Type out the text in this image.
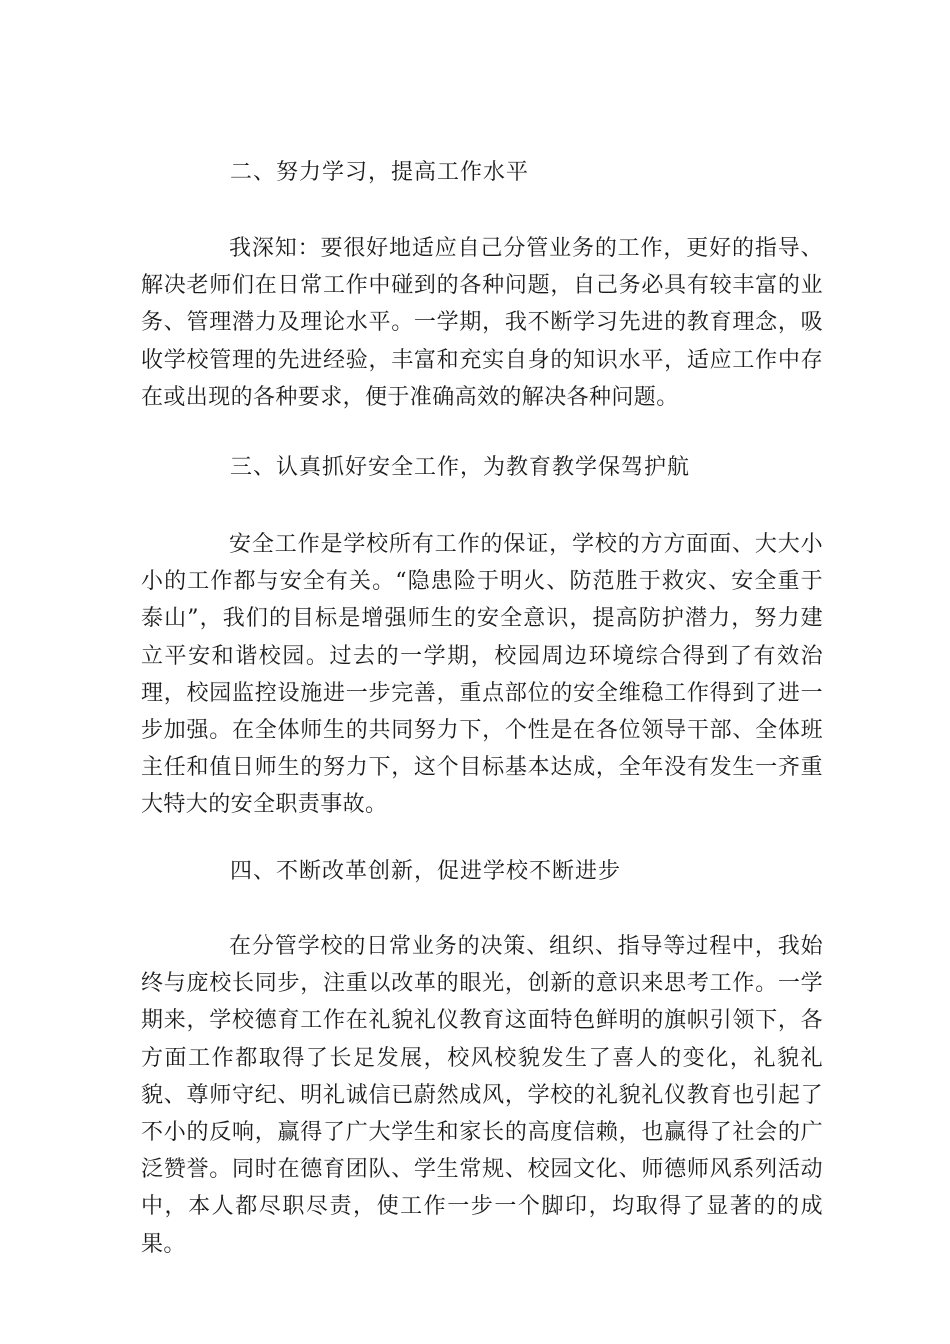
二、努力学习，提高工作水平
我深知：要很好地适应自己分管业务的工作，更好的指导、解决老师们在日常工作中碰到的各种问题，自己务必具有较丰富的业务、管理潜力及理论水平。一学期，我不断学习先进的教育理念，吸收学校管理的先进经验，丰富和充实自身的知识水平，适应工作中存在或出现的各种要求，便于准确高效的解决各种问题。
三、认真抓好安全工作，为教育教学保驾护航
安全工作是学校所有工作的保证，学校的方方面面、大大小小的工作都与安全有关。“隐患险于明火、防范胜于救灾、安全重于泰山”，我们的目标是增强师生的安全意识，提高防护潜力，努力建立平安和谐校园。过去的一学期，校园周边环境综合得到了有效治理，校园监控设施进一步完善，重点部位的安全维稳工作得到了进一步加强。在全体师生的共同努力下，个性是在各位领导干部、全体班主任和值日师生的努力下，这个目标基本达成，全年没有发生一齐重大特大的安全职责事故。
四、不断改革创新，促进学校不断进步
在分管学校的日常业务的决策、组织、指导等过程中，我始终与庞校长同步，注重以改革的眼光，创新的意识来思考工作。一学期来，学校德育工作在礼貌礼仪教育这面特色鲜明的旗帜引领下，各方面工作都取得了长足发展，校风校貌发生了喜人的变化，礼貌礼貌、尊师守纪、明礼诚信已蔚然成风，学校的礼貌礼仪教育也引起了不小的反响，赢得了广大学生和家长的高度信赖，也赢得了社会的广泛赞誉。同时在德育团队、学生常规、校园文化、师德师风系列活动中，本人都尽职尽责，使工作一步一个脚印，均取得了显著的的成果。
